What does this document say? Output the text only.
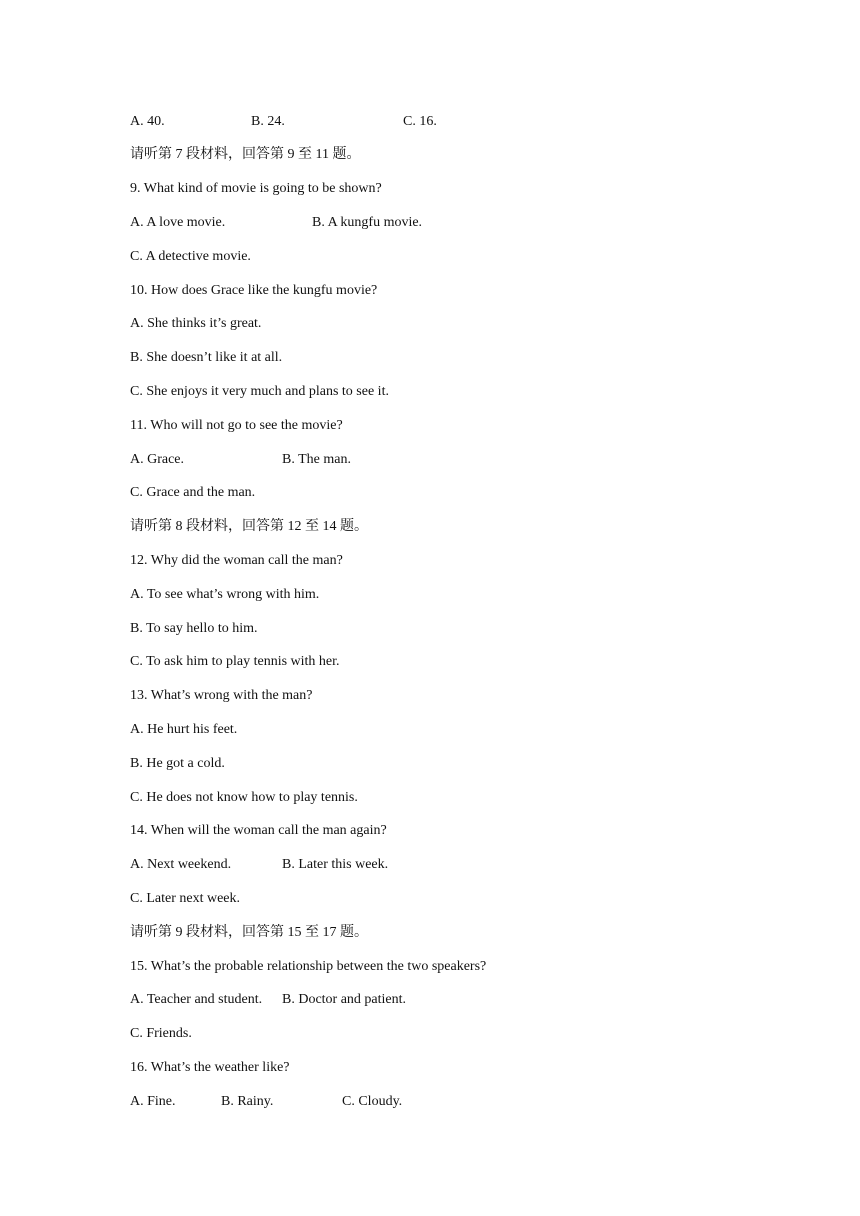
A. 40.

	B. 24.

	C. 16.

请听第 7 段材料，回答第 9 至 11 题。
9. What kind of movie is going to be shown?

A. A love movie.

	B. A kungfu movie.

C. A detective movie.
10. How does Grace like the kungfu movie?
A. She thinks it’s great.
B. She doesn’t like it at all.
C. She enjoys it very much and plans to see it.
11. Who will not go to see the movie?

A. Grace.

	B. The man.

C. Grace and the man.
请听第 8 段材料，回答第 12 至 14 题。
12. Why did the woman call the man?
A. To see what’s wrong with him.
B. To say hello to him.
C. To ask him to play tennis with her.
13. What’s wrong with the man?
A. He hurt his feet.
B. He got a cold.
C. He does not know how to play tennis.
14. When will the woman call the man again?

A. Next weekend.

	B. Later this week.

C. Later next week.
请听第 9 段材料，回答第 15 至 17 题。
15. What’s the probable relationship between the two speakers?

A. Teacher and student.

B. Doctor and patient.

C. Friends.
16. What’s the weather like?

A. Fine.

	B. Rainy.

	C. Cloudy.
